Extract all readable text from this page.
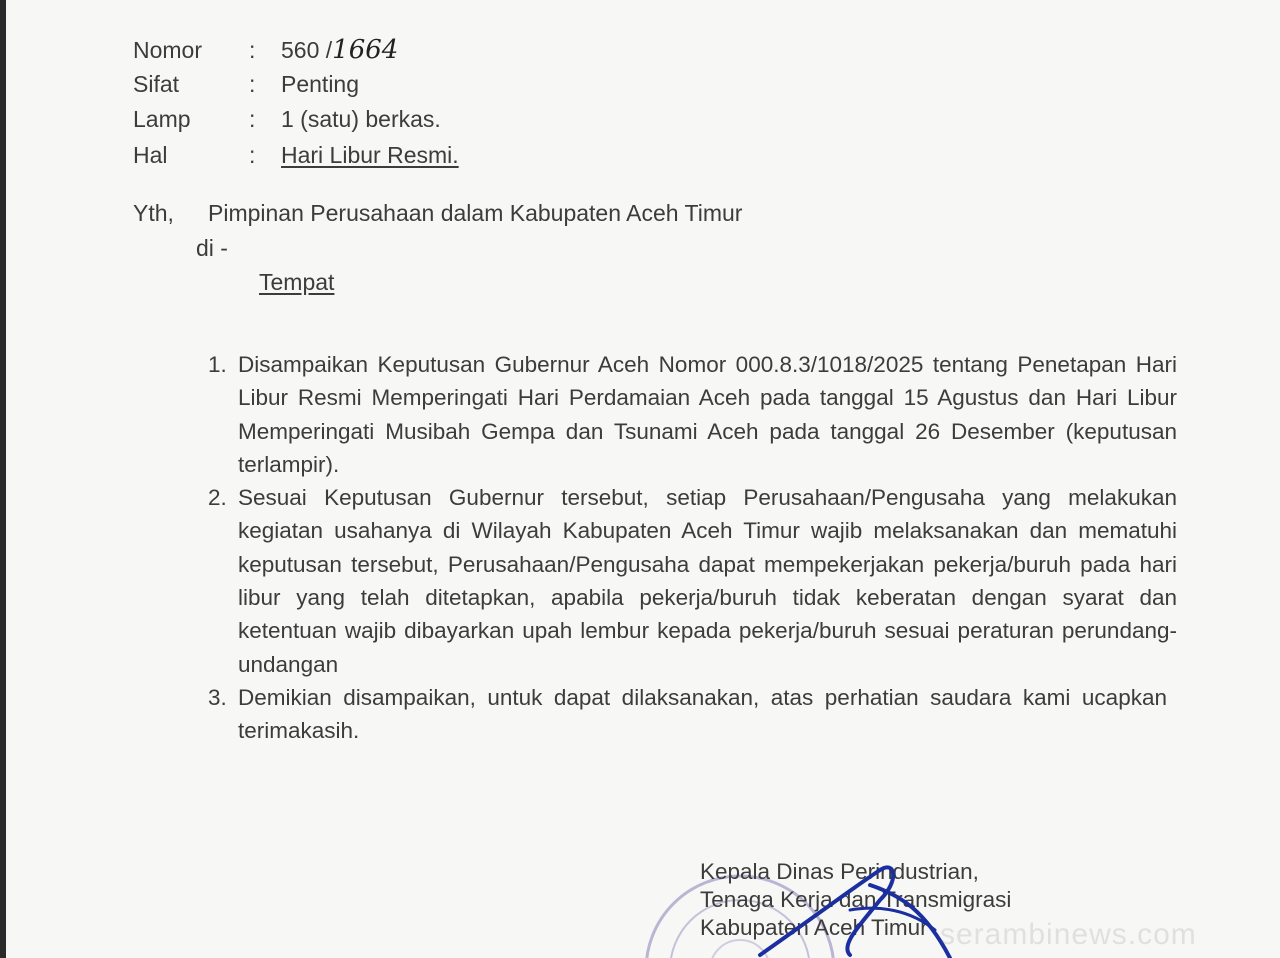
Nomor	: 560 /1664
Sifat	: Penting
Lamp	: 1 (satu) berkas.
Hal	: Hari Libur Resmi.
Yth, Pimpinan Perusahaan dalam Kabupaten Aceh Timur
di -
Tempat
1. Disampaikan Keputusan Gubernur Aceh Nomor 000.8.3/1018/2025 tentang Penetapan Hari Libur Resmi Memperingati Hari Perdamaian Aceh pada tanggal 15 Agustus dan Hari Libur Memperingati Musibah Gempa dan Tsunami Aceh pada tanggal 26 Desember (keputusan terlampir).
2. Sesuai Keputusan Gubernur tersebut, setiap Perusahaan/Pengusaha yang melakukan kegiatan usahanya di Wilayah Kabupaten Aceh Timur wajib melaksanakan dan mematuhi keputusan tersebut, Perusahaan/Pengusaha dapat mempekerjakan pekerja/buruh pada hari libur yang telah ditetapkan, apabila pekerja/buruh tidak keberatan dengan syarat dan ketentuan wajib dibayarkan upah lembur kepada pekerja/buruh sesuai peraturan perundang-undangan
3. Demikian disampaikan, untuk dapat dilaksanakan, atas perhatian saudara kami ucapkan terimakasih.
Kepala Dinas Perindustrian,
Tenaga Kerja dan Transmigrasi
Kabupaten Aceh Timur serambinews.com
